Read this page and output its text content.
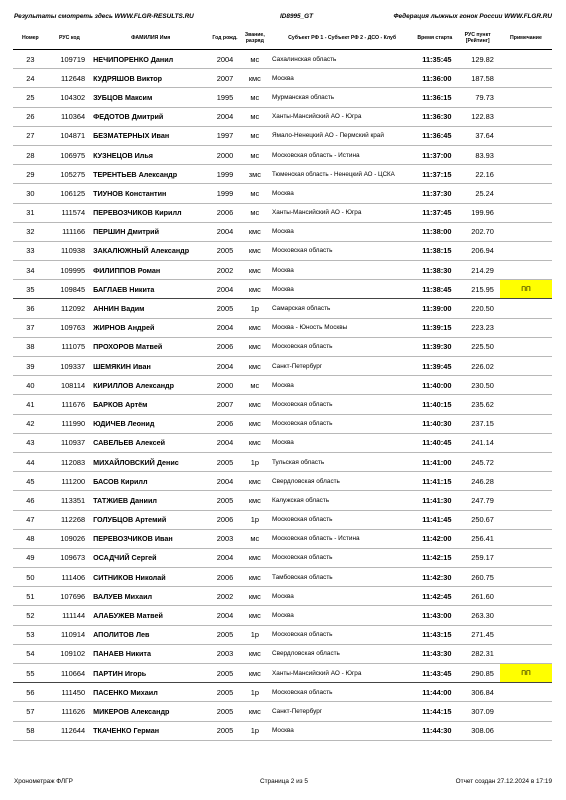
Результаты смотреть здесь WWW.FLGR-RESULTS.RU	ID8995_GT	Федерация лыжных гонок России WWW.FLGR.RU
Номер	РУС код	ФАМИЛИЯ Имя	Год рожд.	Звание, разряд	Субъект РФ 1 - Субъект РФ 2 - ДСО - Клуб	Время старта	РУС пункт [Рейтинг]	Примечание
23	109719	НЕЧИПОРЕНКО Данил	2004	мс	Сахалинская область	11:35:45	129.82	
24	112648	КУДРЯШОВ Виктор	2007	кмс	Москва	11:36:00	187.58	
25	104302	ЗУБЦОВ Максим	1995	мс	Мурманская область	11:36:15	79.73	
26	110364	ФЕДОТОВ Дмитрий	2004	мс	Ханты-Мансийский АО - Югра	11:36:30	122.83	
27	104871	БЕЗМАТЕРНЫХ Иван	1997	мс	Ямало-Ненецкий АО - Пермский край	11:36:45	37.64	
28	106975	КУЗНЕЦОВ Илья	2000	мс	Московская область - Истина	11:37:00	83.93	
29	105275	ТЕРЕНТЬЕВ Александр	1999	змс	Тюменская область - Ненецкий АО - ЦСКА	11:37:15	22.16	
30	106125	ТИУНОВ Константин	1999	мс	Москва	11:37:30	25.24	
31	111574	ПЕРЕВОЗЧИКОВ Кирилл	2006	мс	Ханты-Мансийский АО - Югра	11:37:45	199.96	
32	111166	ПЕРШИН Дмитрий	2004	кмс	Москва	11:38:00	202.70	
33	110938	ЗАКАЛЮЖНЫЙ Александр	2005	кмс	Московская область	11:38:15	206.94	
34	109995	ФИЛИППОВ Роман	2002	кмс	Москва	11:38:30	214.29	
35	109845	БАГЛАЕВ Никита	2004	кмс	Москва	11:38:45	215.95	ПП
36	112092	АННИН Вадим	2005	1р	Самарская область	11:39:00	220.50	
37	109763	ЖИРНОВ Андрей	2004	кмс	Москва - Юность Москвы	11:39:15	223.23	
38	111075	ПРОХОРОВ Матвей	2006	кмс	Московская область	11:39:30	225.50	
39	109337	ШЕМЯКИН Иван	2004	кмс	Санкт-Петербург	11:39:45	226.02	
40	108114	КИРИЛЛОВ Александр	2000	мс	Москва	11:40:00	230.50	
41	111676	БАРКОВ Артём	2007	кмс	Московская область	11:40:15	235.62	
42	111990	ЮДИЧЕВ Леонид	2006	кмс	Московская область	11:40:30	237.15	
43	110937	САВЕЛЬЕВ Алексей	2004	кмс	Москва	11:40:45	241.14	
44	112083	МИХАЙЛОВСКИЙ Денис	2005	1р	Тульская область	11:41:00	245.72	
45	111200	БАСОВ Кирилл	2004	кмс	Свердловская область	11:41:15	246.28	
46	113351	ТАТЖИЕВ Даниил	2005	кмс	Калужская область	11:41:30	247.79	
47	112268	ГОЛУБЦОВ Артемий	2006	1р	Московская область	11:41:45	250.67	
48	109026	ПЕРЕВОЗЧИКОВ Иван	2003	мс	Московская область - Истина	11:42:00	256.41	
49	109673	ОСАДЧИЙ Сергей	2004	кмс	Московская область	11:42:15	259.17	
50	111406	СИТНИКОВ Николай	2006	кмс	Тамбовская область	11:42:30	260.75	
51	107696	ВАЛУЕВ Михаил	2002	кмс	Москва	11:42:45	261.60	
52	111144	АЛАБУЖЕВ Матвей	2004	кмс	Москва	11:43:00	263.30	
53	110914	АПОЛИТОВ Лев	2005	1р	Московская область	11:43:15	271.45	
54	109102	ПАНАЕВ Никита	2003	кмс	Свердловская область	11:43:30	282.31	
55	110664	ПАРТИН Игорь	2005	кмс	Ханты-Мансийский АО - Югра	11:43:45	290.85	ПП
56	111450	ПАСЕНКО Михаил	2005	1р	Московская область	11:44:00	306.84	
57	111626	МИКЕРОВ Александр	2005	кмс	Санкт-Петербург	11:44:15	307.09	
58	112644	ТКАЧЕНКО Герман	2005	1р	Москва	11:44:30	308.06	
Хронометраж ФЛГР	Страница 2 из 5	Отчет создан 27.12.2024 в 17:19
